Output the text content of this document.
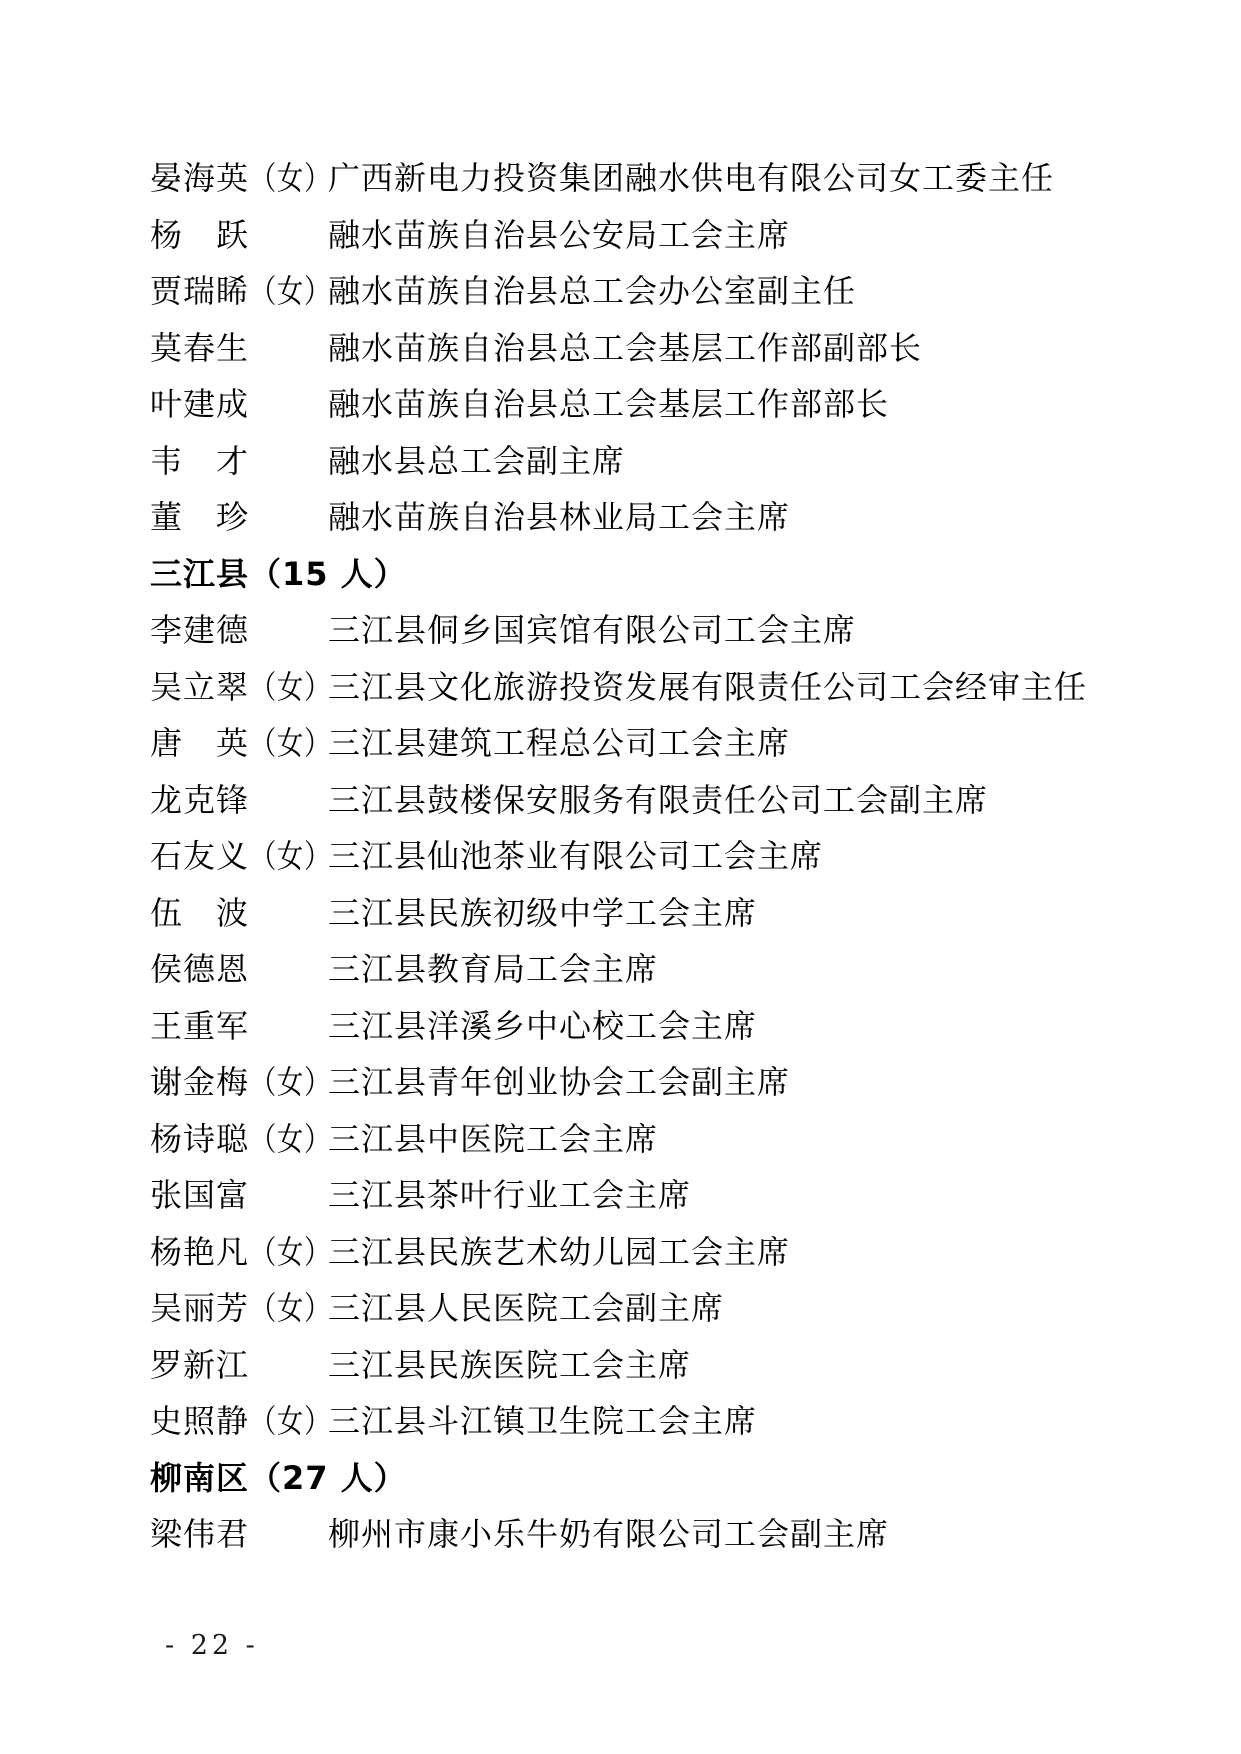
晏海英 （女）
广西新电力投资集团融水供电有限公司女工委主任
杨　跃 融水苗族自治县公安局工会主席
贾瑞睎 （女）
融水苗族自治县总工会办公室副主任
莫春生 融水苗族自治县总工会基层工作部副部长
叶建成 融水苗族自治县总工会基层工作部部长
韦　才 融水县总工会副主席
董　珍 融水苗族自治县林业局工会主席
三江县（15 人）
李建德 三江县侗乡国宾馆有限公司工会主席
吴立翠 （女）
三江县文化旅游投资发展有限责任公司工会经审主任
唐　英 （女）
三江县建筑工程总公司工会主席
龙克锋 三江县鼓楼保安服务有限责任公司工会副主席
石友义 （女）
三江县仙池茶业有限公司工会主席
伍　波 三江县民族初级中学工会主席
侯德恩 三江县教育局工会主席
王重军 三江县洋溪乡中心校工会主席
谢金梅 （女）
三江县青年创业协会工会副主席
杨诗聪 （女）
三江县中医院工会主席
张国富 三江县茶叶行业工会主席
杨艳凡 （女）
三江县民族艺术幼儿园工会主席
吴丽芳 （女）
三江县人民医院工会副主席
罗新江 三江县民族医院工会主席
史照静 （女）
三江县斗江镇卫生院工会主席
柳南区（27 人）
梁伟君 柳州市康小乐牛奶有限公司工会副主席
- 22 -
